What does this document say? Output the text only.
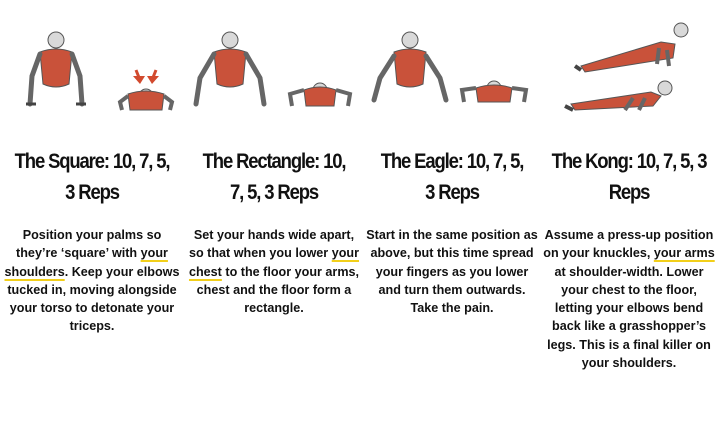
The Square: 10, 7, 5, 3 Reps
Position your palms so they’re ‘square’ with your shoulders. Keep your elbows tucked in, moving alongside your torso to detonate your triceps.
The Rectangle: 10, 7, 5, 3 Reps
Set your hands wide apart, so that when you lower your chest to the floor your arms, chest and the floor form a rectangle.
The Eagle: 10, 7, 5, 3 Reps
Start in the same position as above, but this time spread your fingers as you lower and turn them outwards. Take the pain.
The Kong: 10, 7, 5, 3 Reps
Assume a press-up position on your knuckles, your arms at shoulder-width. Lower your chest to the floor, letting your elbows bend back like a grasshopper’s legs. This is a final killer on your shoulders.
